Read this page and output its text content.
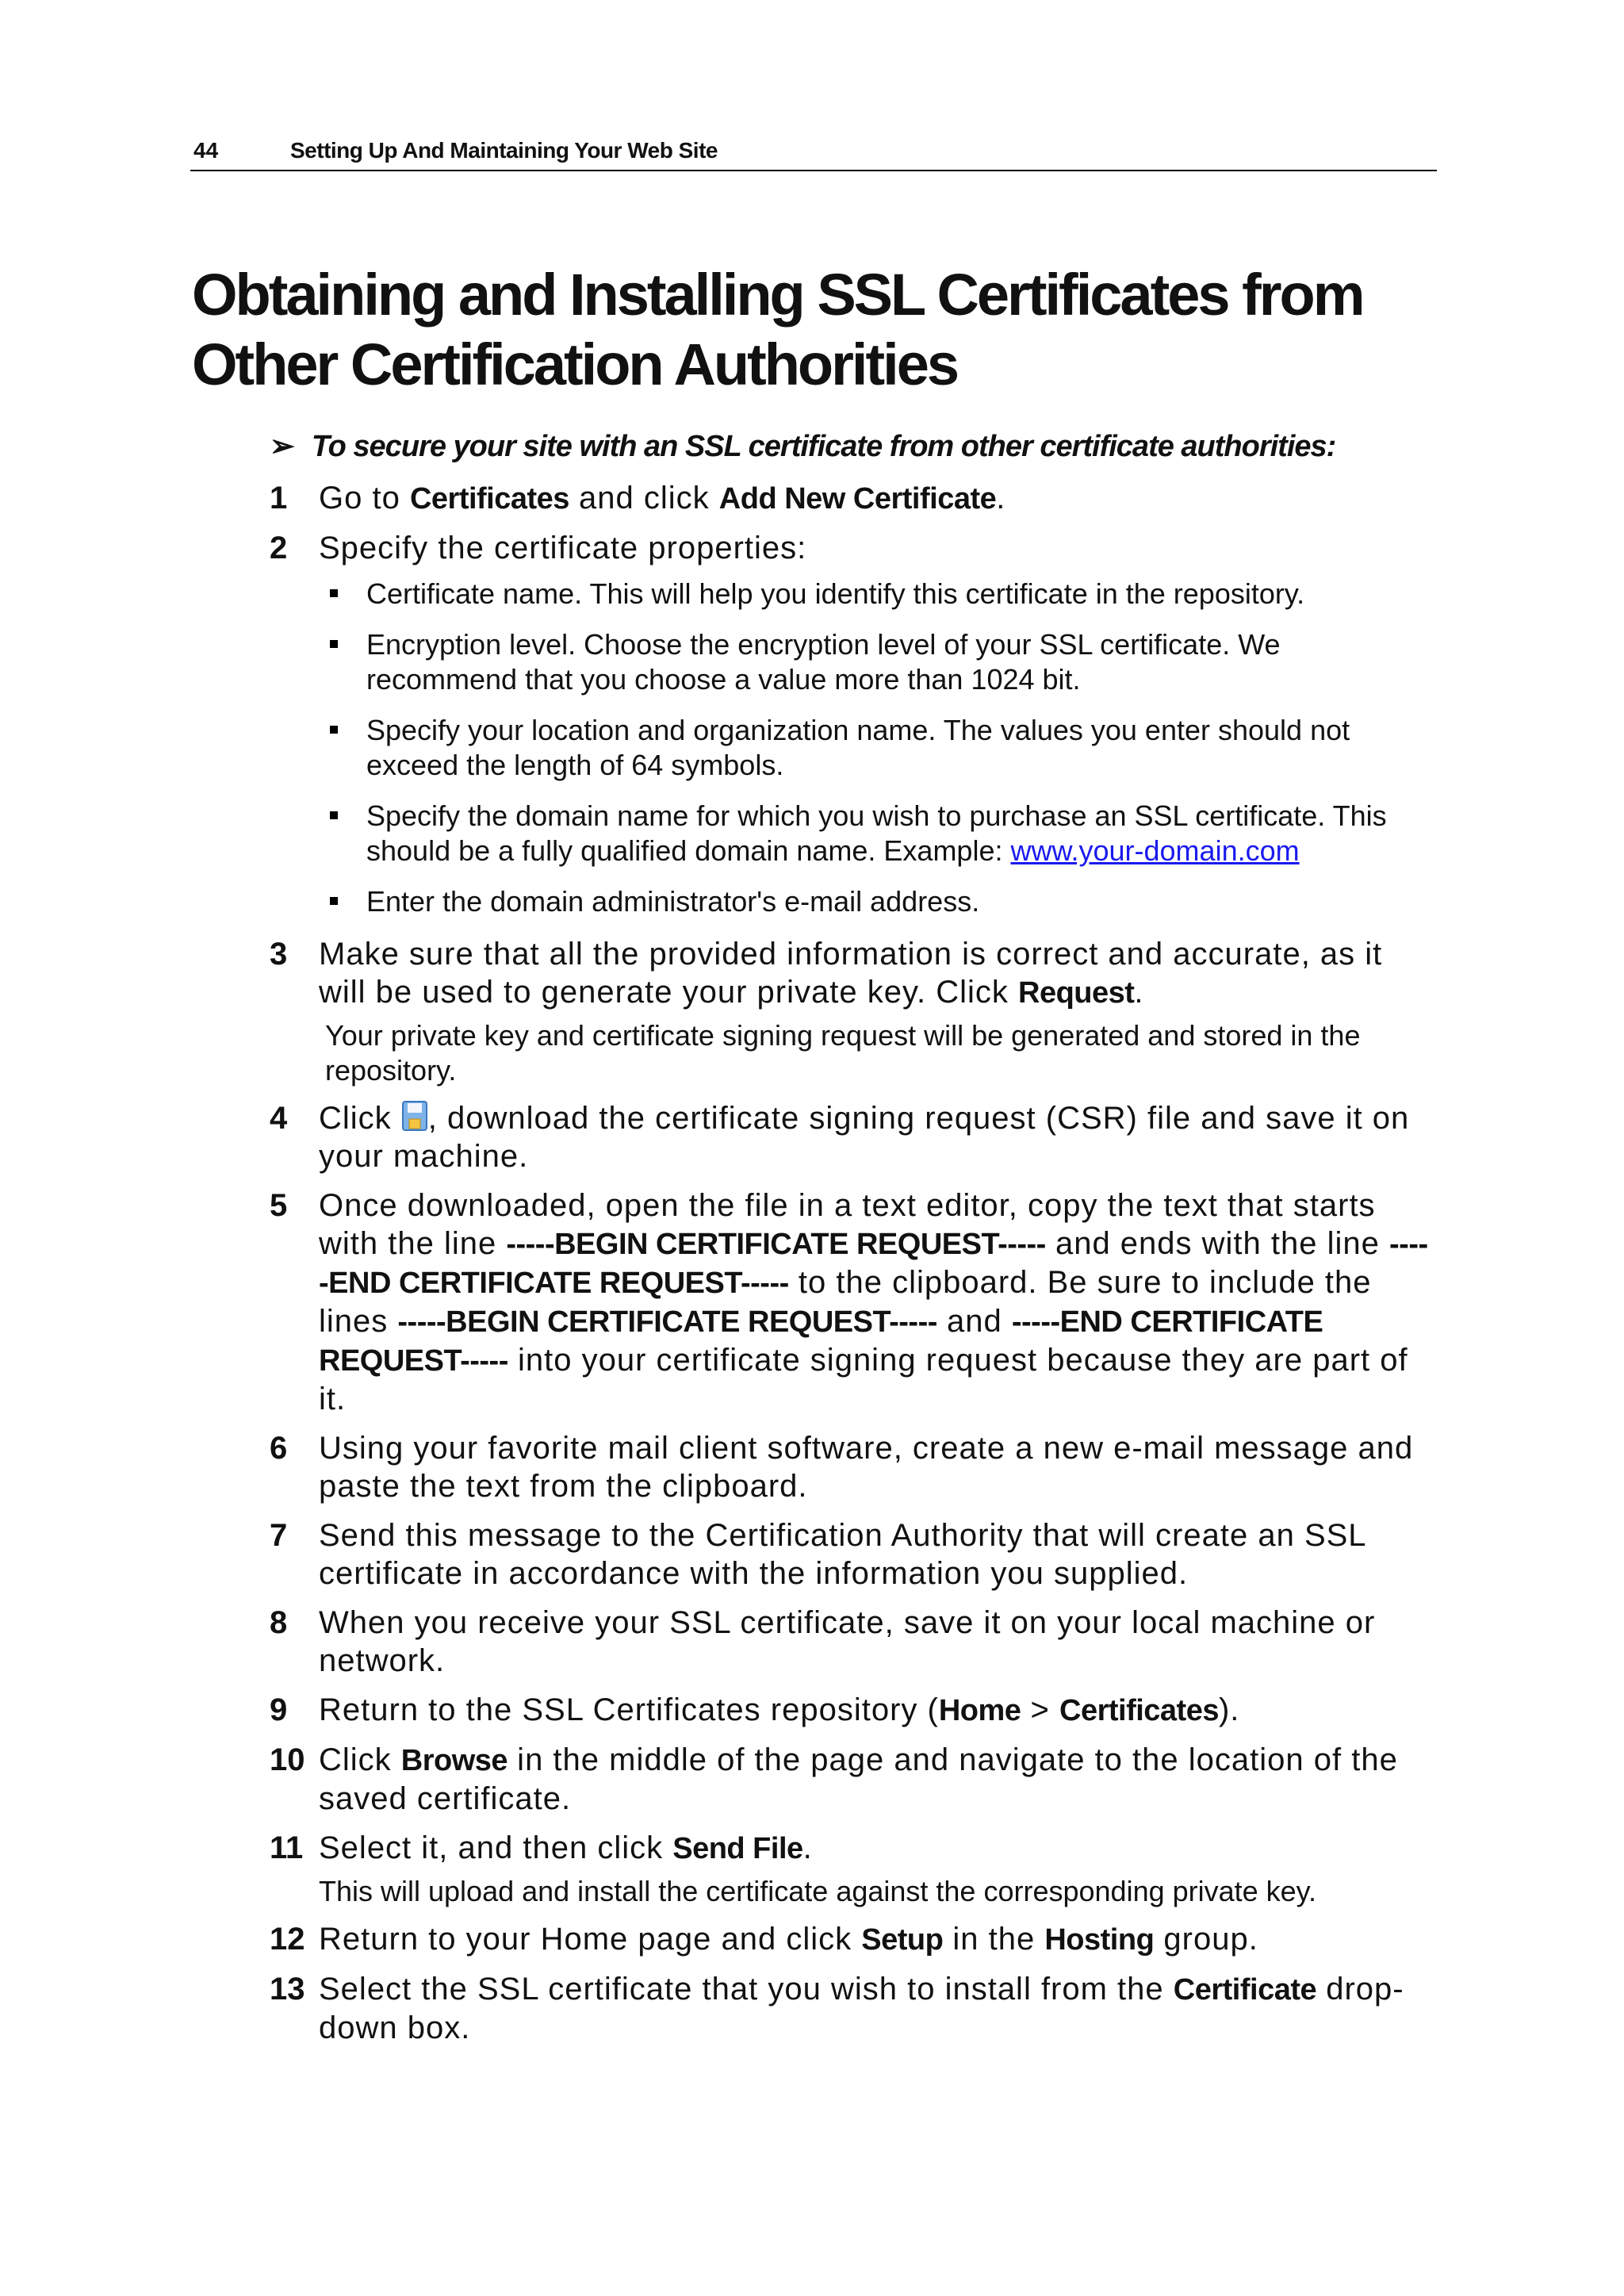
44	Setting Up And Maintaining Your Web Site
Obtaining and Installing SSL Certificates from Other Certification Authorities
➢ To secure your site with an SSL certificate from other certificate authorities:
1 Go to Certificates and click Add New Certificate.
2 Specify the certificate properties:
Certificate name. This will help you identify this certificate in the repository.
Encryption level. Choose the encryption level of your SSL certificate. We recommend that you choose a value more than 1024 bit.
Specify your location and organization name. The values you enter should not exceed the length of 64 symbols.
Specify the domain name for which you wish to purchase an SSL certificate. This should be a fully qualified domain name. Example: www.your-domain.com
Enter the domain administrator's e-mail address.
3 Make sure that all the provided information is correct and accurate, as it will be used to generate your private key. Click Request.
Your private key and certificate signing request will be generated and stored in the repository.
4 Click , download the certificate signing request (CSR) file and save it on your machine.
5 Once downloaded, open the file in a text editor, copy the text that starts with the line -----BEGIN CERTIFICATE REQUEST----- and ends with the line -----END CERTIFICATE REQUEST----- to the clipboard. Be sure to include the lines -----BEGIN CERTIFICATE REQUEST----- and -----END CERTIFICATE REQUEST----- into your certificate signing request because they are part of it.
6 Using your favorite mail client software, create a new e-mail message and paste the text from the clipboard.
7 Send this message to the Certification Authority that will create an SSL certificate in accordance with the information you supplied.
8 When you receive your SSL certificate, save it on your local machine or network.
9 Return to the SSL Certificates repository (Home > Certificates).
10 Click Browse in the middle of the page and navigate to the location of the saved certificate.
11 Select it, and then click Send File.
This will upload and install the certificate against the corresponding private key.
12 Return to your Home page and click Setup in the Hosting group.
13 Select the SSL certificate that you wish to install from the Certificate drop-down box.
